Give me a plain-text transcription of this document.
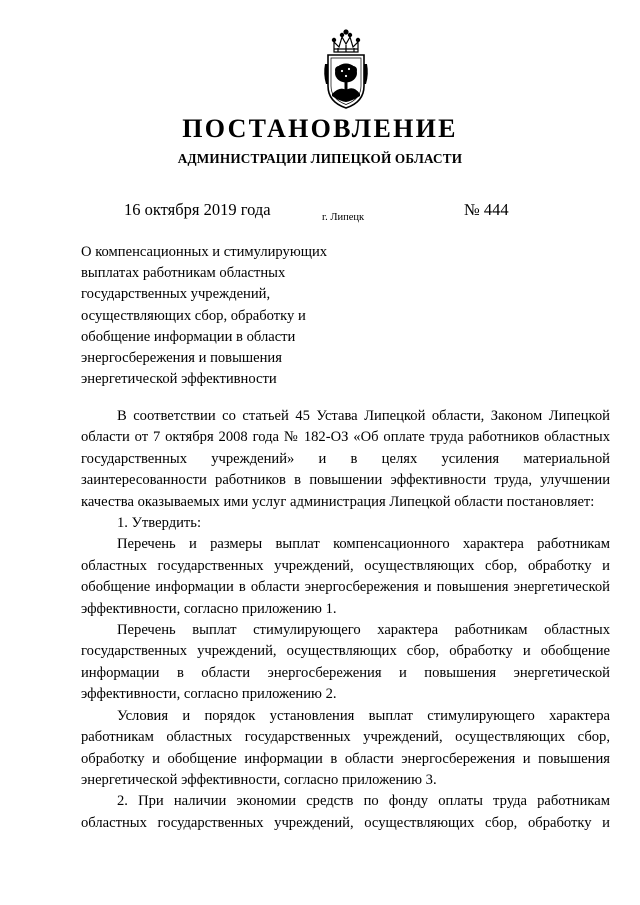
ПОСТАНОВЛЕНИЕ
АДМИНИСТРАЦИИ ЛИПЕЦКОЙ ОБЛАСТИ
16 октября 2019 года	г. Липецк	№ 444
О компенсационных и стимулирующих
выплатах работникам областных
государственных учреждений,
осуществляющих сбор, обработку и
обобщение информации в области
энергосбережения и повышения
энергетической эффективности

В соответствии со статьей 45 Устава Липецкой области, Законом Липецкой области от 7 октября 2008 года № 182-ОЗ «Об оплате труда работников областных государственных учреждений» и в целях усиления материальной заинтересованности работников в повышении эффективности труда, улучшении качества оказываемых ими услуг администрация Липецкой области постановляет:

1. Утвердить:

Перечень и размеры выплат компенсационного характера работникам областных государственных учреждений, осуществляющих сбор, обработку и обобщение информации в области энергосбережения и повышения энергетической эффективности, согласно приложению 1.

Перечень выплат стимулирующего характера работникам областных государственных учреждений, осуществляющих сбор, обработку и обобщение информации в области энергосбережения и повышения энергетической эффективности, согласно приложению 2.

Условия и порядок установления выплат стимулирующего характера работникам областных государственных учреждений, осуществляющих сбор, обработку и обобщение информации в области энергосбережения и повышения энергетической эффективности, согласно приложению 3.

2. При наличии экономии средств по фонду оплаты труда работникам областных государственных учреждений, осуществляющих сбор, обработку и
